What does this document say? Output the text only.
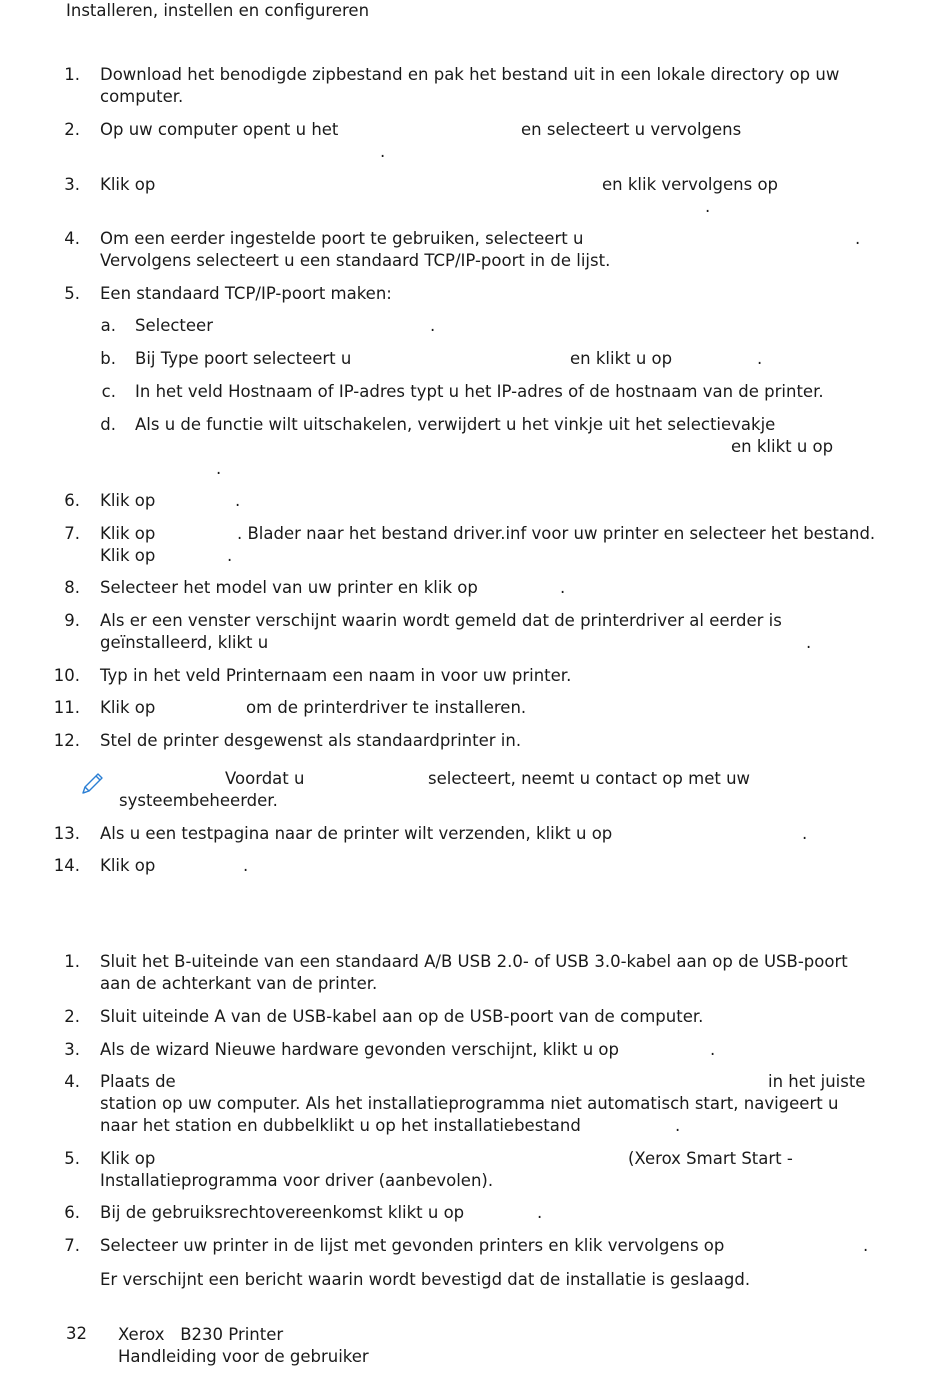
Installeren, instellen en configureren
1. Download het benodigde zipbestand en pak het bestand uit in een lokale directory op uw
computer.
2. Op uw computer opent u het	en selecteert u vervolgens
.
3. Klik op	en klik vervolgens op
.
4. Om een eerder ingestelde poort te gebruiken, selecteert u	.
Vervolgens selecteert u een standaard TCP/IP-poort in de lijst.
5. Een standaard TCP/IP-poort maken:
a. Selecteer	.
b. Bij Type poort selecteert u	en klikt u op	.
c. In het veld Hostnaam of IP-adres typt u het IP-adres of de hostnaam van de printer.
d. Als u de functie wilt uitschakelen, verwijdert u het vinkje uit het selectievakje
en klikt u op
.
6. Klik op	.
7. Klik op	. Blader naar het bestand driver.inf voor uw printer en selecteer het bestand.
Klik op	.
8. Selecteer het model van uw printer en klik op	.
9. Als er een venster verschijnt waarin wordt gemeld dat de printerdriver al eerder is
geïnstalleerd, klikt u	.
10. Typ in het veld Printernaam een naam in voor uw printer.
11. Klik op	om de printerdriver te installeren.
12. Stel de printer desgewenst als standaardprinter in.
Voordat u	selecteert, neemt u contact op met uw
systeembeheerder.
13. Als u een testpagina naar de printer wilt verzenden, klikt u op	.
14. Klik op	.
1. Sluit het B-uiteinde van een standaard A/B USB 2.0- of USB 3.0-kabel aan op de USB-poort
aan de achterkant van de printer.
2. Sluit uiteinde A van de USB-kabel aan op de USB-poort van de computer.
3. Als de wizard Nieuwe hardware gevonden verschijnt, klikt u op	.
4. Plaats de	in het juiste
station op uw computer. Als het installatieprogramma niet automatisch start, navigeert u
naar het station en dubbelklikt u op het installatiebestand	.
5. Klik op	(Xerox Smart Start -
Installatieprogramma voor driver (aanbevolen).
6. Bij de gebruiksrechtovereenkomst klikt u op	.
7. Selecteer uw printer in de lijst met gevonden printers en klik vervolgens op	.
Er verschijnt een bericht waarin wordt bevestigd dat de installatie is geslaagd.
32 Xerox   B230 Printer
Handleiding voor de gebruiker
